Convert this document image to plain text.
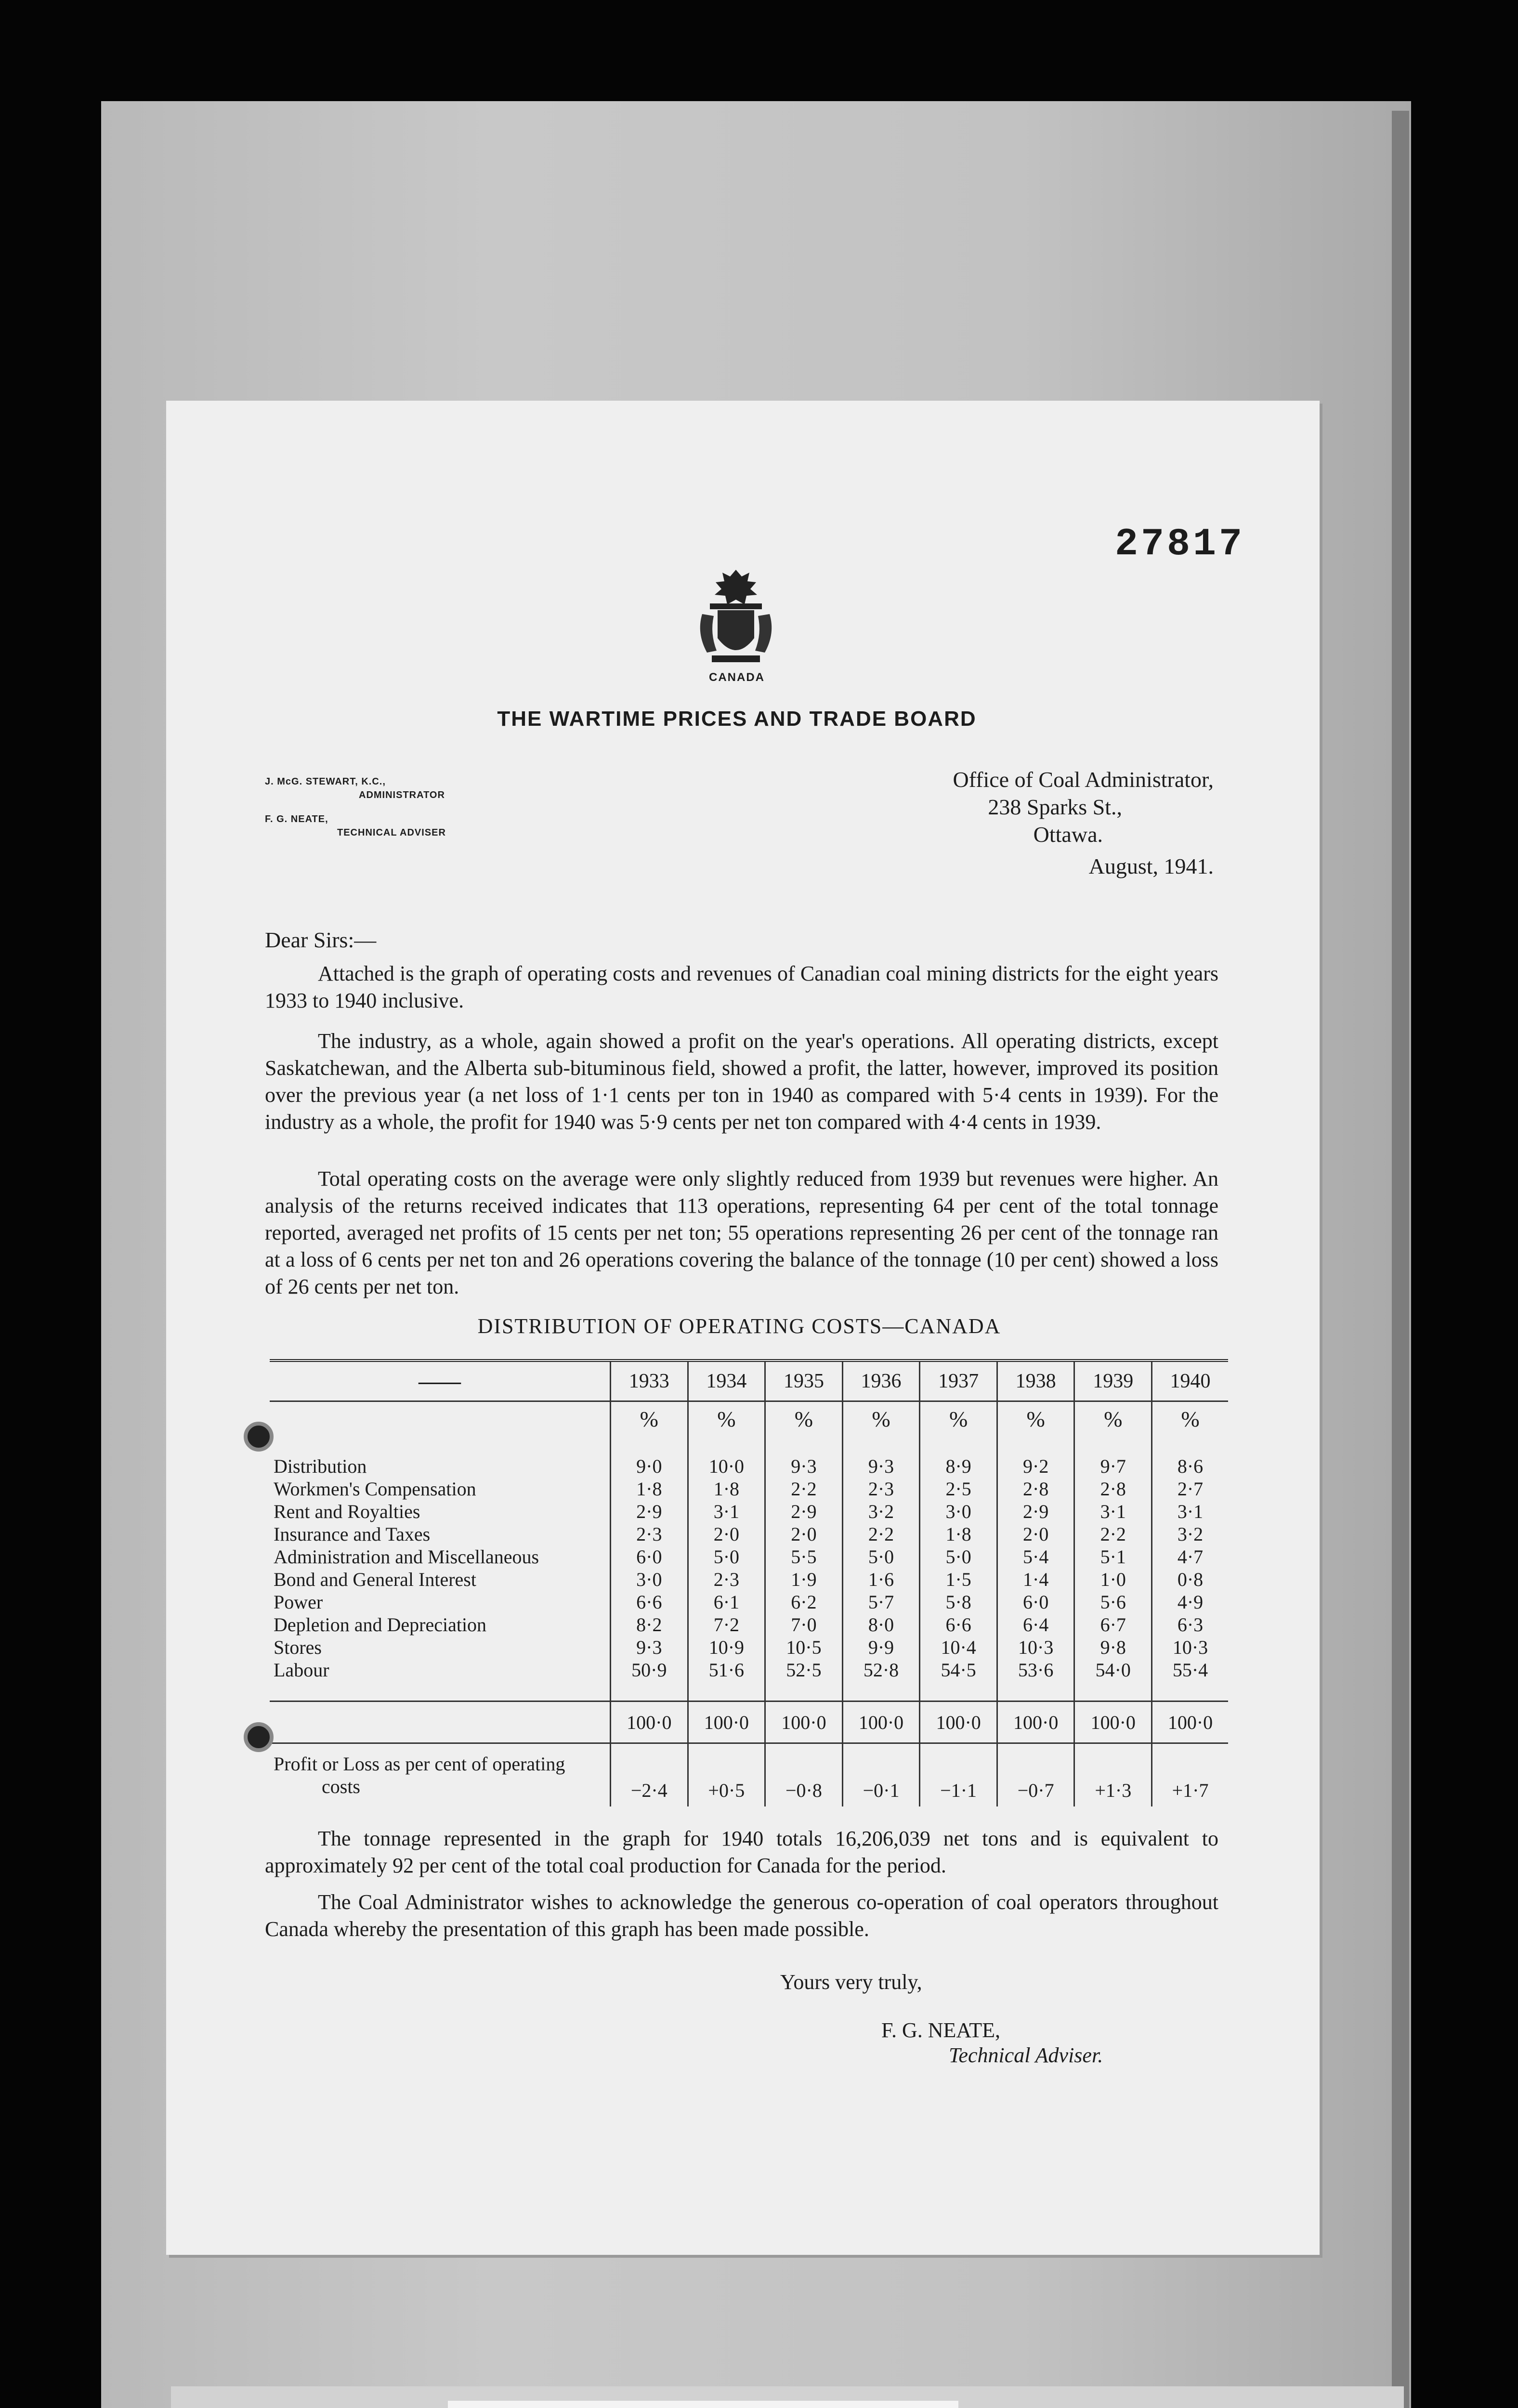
27817
CANADA
THE WARTIME PRICES AND TRADE BOARD
J. McG. STEWART, K.C.,
ADMINISTRATOR
F. G. NEATE,
TECHNICAL ADVISER
Office of Coal Administrator,
238 Sparks St.,
Ottawa.
August, 1941.
Dear Sirs:—
Attached is the graph of operating costs and revenues of Canadian coal mining districts for the eight years 1933 to 1940 inclusive.
The industry, as a whole, again showed a profit on the year's operations. All operating districts, except Saskatchewan, and the Alberta sub-bituminous field, showed a profit, the latter, however, improved its position over the previous year (a net loss of 1·1 cents per ton in 1940 as compared with 5·4 cents in 1939). For the industry as a whole, the profit for 1940 was 5·9 cents per net ton compared with 4·4 cents in 1939.
Total operating costs on the average were only slightly reduced from 1939 but revenues were higher. An analysis of the returns received indicates that 113 operations, representing 64 per cent of the total tonnage reported, averaged net profits of 15 cents per net ton; 55 operations representing 26 per cent of the tonnage ran at a loss of 6 cents per net ton and 26 operations covering the balance of the tonnage (10 per cent) showed a loss of 26 cents per net ton.
DISTRIBUTION OF OPERATING COSTS—CANADA
——	1933	1934	1935	1936	1937	1938	1939	1940
	%	%	%	%	%	%	%	%

Distribution	9·0	10·0	9·3	9·3	8·9	9·2	9·7	8·6
Workmen's Compensation	1·8	1·8	2·2	2·3	2·5	2·8	2·8	2·7
Rent and Royalties	2·9	3·1	2·9	3·2	3·0	2·9	3·1	3·1
Insurance and Taxes	2·3	2·0	2·0	2·2	1·8	2·0	2·2	3·2
Administration and Miscellaneous	6·0	5·0	5·5	5·0	5·0	5·4	5·1	4·7
Bond and General Interest	3·0	2·3	1·9	1·6	1·5	1·4	1·0	0·8
Power	6·6	6·1	6·2	5·7	5·8	6·0	5·6	4·9
Depletion and Depreciation	8·2	7·2	7·0	8·0	6·6	6·4	6·7	6·3
Stores	9·3	10·9	10·5	9·9	10·4	10·3	9·8	10·3
Labour	50·9	51·6	52·5	52·8	54·5	53·6	54·0	55·4

	100·0	100·0	100·0	100·0	100·0	100·0	100·0	100·0

Profit or Loss as per cent of operating
costs	−2·4	+0·5	−0·8	−0·1	−1·1	−0·7	+1·3	+1·7
The tonnage represented in the graph for 1940 totals 16,206,039 net tons and is equivalent to approximately 92 per cent of the total coal production for Canada for the period.
The Coal Administrator wishes to acknowledge the generous co-operation of coal operators throughout Canada whereby the presentation of this graph has been made possible.
Yours very truly,
F. G. NEATE,
Technical Adviser.
